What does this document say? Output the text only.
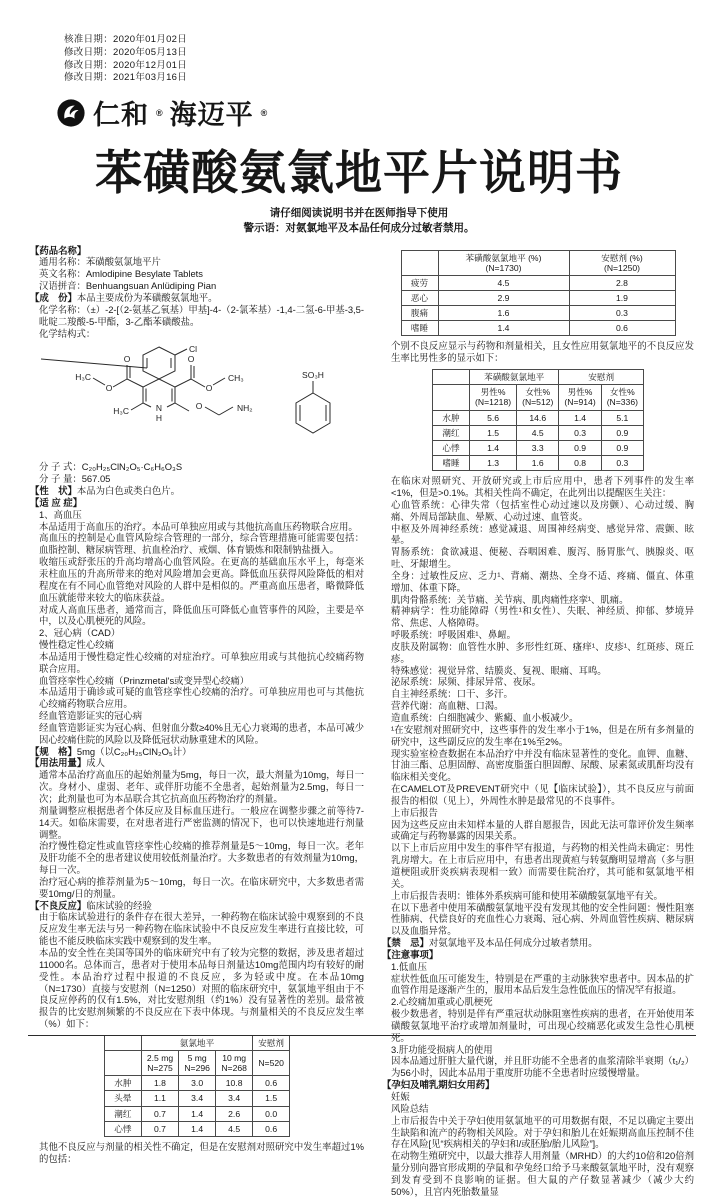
核准日期：2020年01月02日
修改日期：2020年05月13日
修改日期：2020年12月01日
修改日期：2021年03月16日
仁和 ® 海迈平 ®
苯磺酸氨氯地平片说明书
请仔细阅读说明书并在医师指导下使用
警示语：对氨氯地平及本品任何成分过敏者禁用。

【药品名称】

通用名称：苯磺酸氨氯地平片

英文名称：Amlodipine Besylate Tablets

汉语拼音：Benhuangsuan Anlüdiping Pian

【成　份】本品主要成份为苯磺酸氨氯地平。

化学名称：（±）-2-[（2-氨基乙氧基）甲基]-4-（2-氯苯基）-1,4-二氢-6-甲基-3,5-吡啶二羧酸-5-甲酯，3-乙酯苯磺酸盐。

化学结构式：

Cl
N
H
O
O
H₃C
O
O
CH₃
H₃C	O	NH₂
SO₃H

分 子 式：C₂₀H₂₅ClN₂O₅·C₆H₆O₃S

分 子 量：567.05

【性　状】本品为白色或类白色片。

【适 应 症】

1、高血压

本品适用于高血压的治疗。本品可单独应用或与其他抗高血压药物联合应用。

高血压的控制是心血管风险综合管理的一部分，综合管理措施可能需要包括：血脂控制、糖尿病管理、抗血栓治疗、戒烟、体育锻炼和限制钠盐摄入。

收缩压或舒张压的升高均增高心血管风险。在更高的基础血压水平上，每毫米汞柱血压的升高所带来的绝对风险增加会更高。降低血压获得风险降低的相对程度在有不同心血管绝对风险的人群中是相似的。严重高血压患者，略微降低血压就能带来较大的临床获益。

对成人高血压患者，通常而言，降低血压可降低心血管事件的风险，主要是卒中，以及心肌梗死的风险。

2、冠心病（CAD）

慢性稳定性心绞痛

本品适用于慢性稳定性心绞痛的对症治疗。可单独应用或与其他抗心绞痛药物联合应用。

血管痉挛性心绞痛（Prinzmetal's或变异型心绞痛）

本品适用于确诊或可疑的血管痉挛性心绞痛的治疗。可单独应用也可与其他抗心绞痛药物联合应用。

经血管造影证实的冠心病

经血管造影证实为冠心病、但射血分数≥40%且无心力衰竭的患者，本品可减少因心绞痛住院的风险以及降低冠状动脉重建术的风险。

【规　格】5mg（以C₂₀H₂₅ClN₂O₅计）

【用法用量】成人

通常本品治疗高血压的起始剂量为5mg，每日一次，最大剂量为10mg，每日一次。身材小、虚弱、老年、或伴肝功能不全患者，起始剂量为2.5mg，每日一次；此剂量也可为本品联合其它抗高血压药物治疗的剂量。

剂量调整应根据患者个体反应及目标血压进行。一般应在调整步骤之前等待7-14天。如临床需要，在对患者进行严密监测的情况下，也可以快速地进行剂量调整。

治疗慢性稳定性或血管痉挛性心绞痛的推荐剂量是5～10mg，每日一次。老年及肝功能不全的患者建议使用较低剂量治疗。大多数患者的有效剂量为10mg，每日一次。

治疗冠心病的推荐剂量为5～10mg，每日一次。在临床研究中，大多数患者需要10mg/日的剂量。

【不良反应】临床试验的经验

由于临床试验进行的条件存在很大差异，一种药物在临床试验中观察到的不良反应发生率无法与另一种药物在临床试验中不良反应发生率进行直接比较，可能也不能反映临床实践中观察到的发生率。

本品的安全性在美国等国外的临床研究中有了较为完整的数据，涉及患者超过11000名。总体而言，患者对于使用本品每日剂量达10mg范围内均有较好的耐受性。本品治疗过程中报道的不良反应，多为轻或中度。在本品10mg（N=1730）直接与安慰剂（N=1250）对照的临床研究中，氨氯地平组由于不良反应停药的仅有1.5%，对比安慰剂组（约1%）没有显著性的差别。最常被报告的比安慰剂频繁的不良反应在下表中体现。与剂量相关的不良反应发生率（%）如下：

	氨氯地平			安慰剂
	2.5 mg
N=275	5 mg
N=296	10 mg
N=268	N=520
水肿	1.8	3.0	10.8	0.6
头晕	1.1	3.4	3.4	1.5
潮红	0.7	1.4	2.6	0.0
心悸	0.7	1.4	4.5	0.6

其他不良反应与剂量的相关性不确定，但是在安慰剂对照研究中发生率超过1%的包括：

	苯磺酸氨氯地平 (%)
(N=1730)	安慰剂 (%)
(N=1250)
疲劳	4.5	2.8
恶心	2.9	1.9
腹痛	1.6	0.3
嗜睡	1.4	0.6

个别不良反应显示与药物和剂量相关，且女性应用氨氯地平的不良反应发生率比男性多的显示如下：

	苯磺酸氨氯地平		安慰剂	
	男性%
(N=1218)	女性%
(N=512)	男性%
(N=914)	女性%
(N=336)
水肿	5.6	14.6	1.4	5.1
潮红	1.5	4.5	0.3	0.9
心悸	1.4	3.3	0.9	0.9
嗜睡	1.3	1.6	0.8	0.3

在临床对照研究、开放研究或上市后应用中，患者下列事件的发生率<1%，但是>0.1%。其相关性尚不确定，在此列出以提醒医生关注：

心血管系统：心律失常（包括室性心动过速以及房颤）、心动过缓、胸痛、外周局部缺血、晕厥、心动过速、血管炎。

中枢及外周神经系统：感觉减退、周围神经病变、感觉异常、震颤、眩晕。

胃肠系统：食欲减退、便秘、吞咽困难、腹泻、肠胃胀气、胰腺炎、呕吐、牙龈增生。

全身：过敏性反应、乏力¹、背痛、潮热、全身不适、疼痛、僵直、体重增加、体重下降。

肌肉骨骼系统：关节痛、关节病、肌肉痛性痉挛¹、肌痛。

精神病学：性功能障碍（男性¹和女性）、失眠、神经质、抑郁、梦境异常、焦虑、人格障碍。

呼吸系统：呼吸困难¹、鼻衄。

皮肤及附属物：血管性水肿、多形性红斑、瘙痒¹、皮疹¹、红斑疹、斑丘疹。

特殊感觉：视觉异常、结膜炎、复视、眼痛、耳鸣。

泌尿系统：尿频、排尿异常、夜尿。

自主神经系统：口干、多汗。

营养代谢：高血糖、口渴。

造血系统：白细胞减少、紫癜、血小板减少。

¹在安慰剂对照研究中，这些事件的发生率小于1%，但是在所有多剂量的研究中，这些副反应的发生率在1%至2%。

现实验室检查数据在本品治疗中并没有临床显著性的变化。血钾、血糖、甘油三酯、总胆固醇、高密度脂蛋白胆固醇、尿酸、尿素氮或肌酐均没有临床相关变化。

在CAMELOT及PREVENT研究中（见【临床试验】），其不良反应与前面报告的相似（见上），外周性水肿是最常见的不良事件。

上市后报告

因为这些反应由未知样本量的人群自愿报告，因此无法可靠评价发生频率或确定与药物暴露的因果关系。

以下上市后应用中发生的事件罕有报道，与药物的相关性尚未确定：男性乳房增大。在上市后应用中，有患者出现黄疸与转氨酶明显增高（多与胆道梗阻或肝炎疾病表现相一致）而需要住院治疗，其可能和氨氯地平相关。

上市后报告表明：锥体外系疾病可能和使用苯磺酸氨氯地平有关。

在以下患者中使用苯磺酸氨氯地平没有发现其他的安全性问题：慢性阻塞性肺病、代偿良好的充血性心力衰竭、冠心病、外周血管性疾病、糖尿病以及血脂异常。

【禁　忌】对氨氯地平及本品任何成分过敏者禁用。

【注意事项】

1.低血压

症状性低血压可能发生，特别是在严重的主动脉狭窄患者中。因本品的扩血管作用是逐渐产生的，服用本品后发生急性低血压的情况罕有报道。

2.心绞痛加重或心肌梗死

极少数患者，特别是伴有严重冠状动脉阻塞性疾病的患者，在开始使用苯磺酸氨氯地平治疗或增加剂量时，可出现心绞痛恶化或发生急性心肌梗死。

3.肝功能受损病人的使用

因本品通过肝脏大量代谢，并且肝功能不全患者的血浆清除半衰期（t₁/₂）为56小时，因此本品用于重度肝功能不全患者时应缓慢增量。

【孕妇及哺乳期妇女用药】

妊娠

风险总结

上市后报告中关于孕妇使用氨氯地平的可用数据有限，不足以确定主要出生缺陷和流产的药物相关风险。对于孕妇和胎儿在妊娠期高血压控制不佳存在风险[见“疾病相关的孕妇和/或胚胎/胎儿风险”]。

在动物生殖研究中，以最大推荐人用剂量（MRHD）的大约10倍和20倍剂量分别向器官形成期的孕鼠和孕兔经口给予马来酸氨氯地平时，没有观察到发育受到不良影响的证据。但大鼠的产仔数显著减少（减少大约 50%），且宫内死胎数量显
